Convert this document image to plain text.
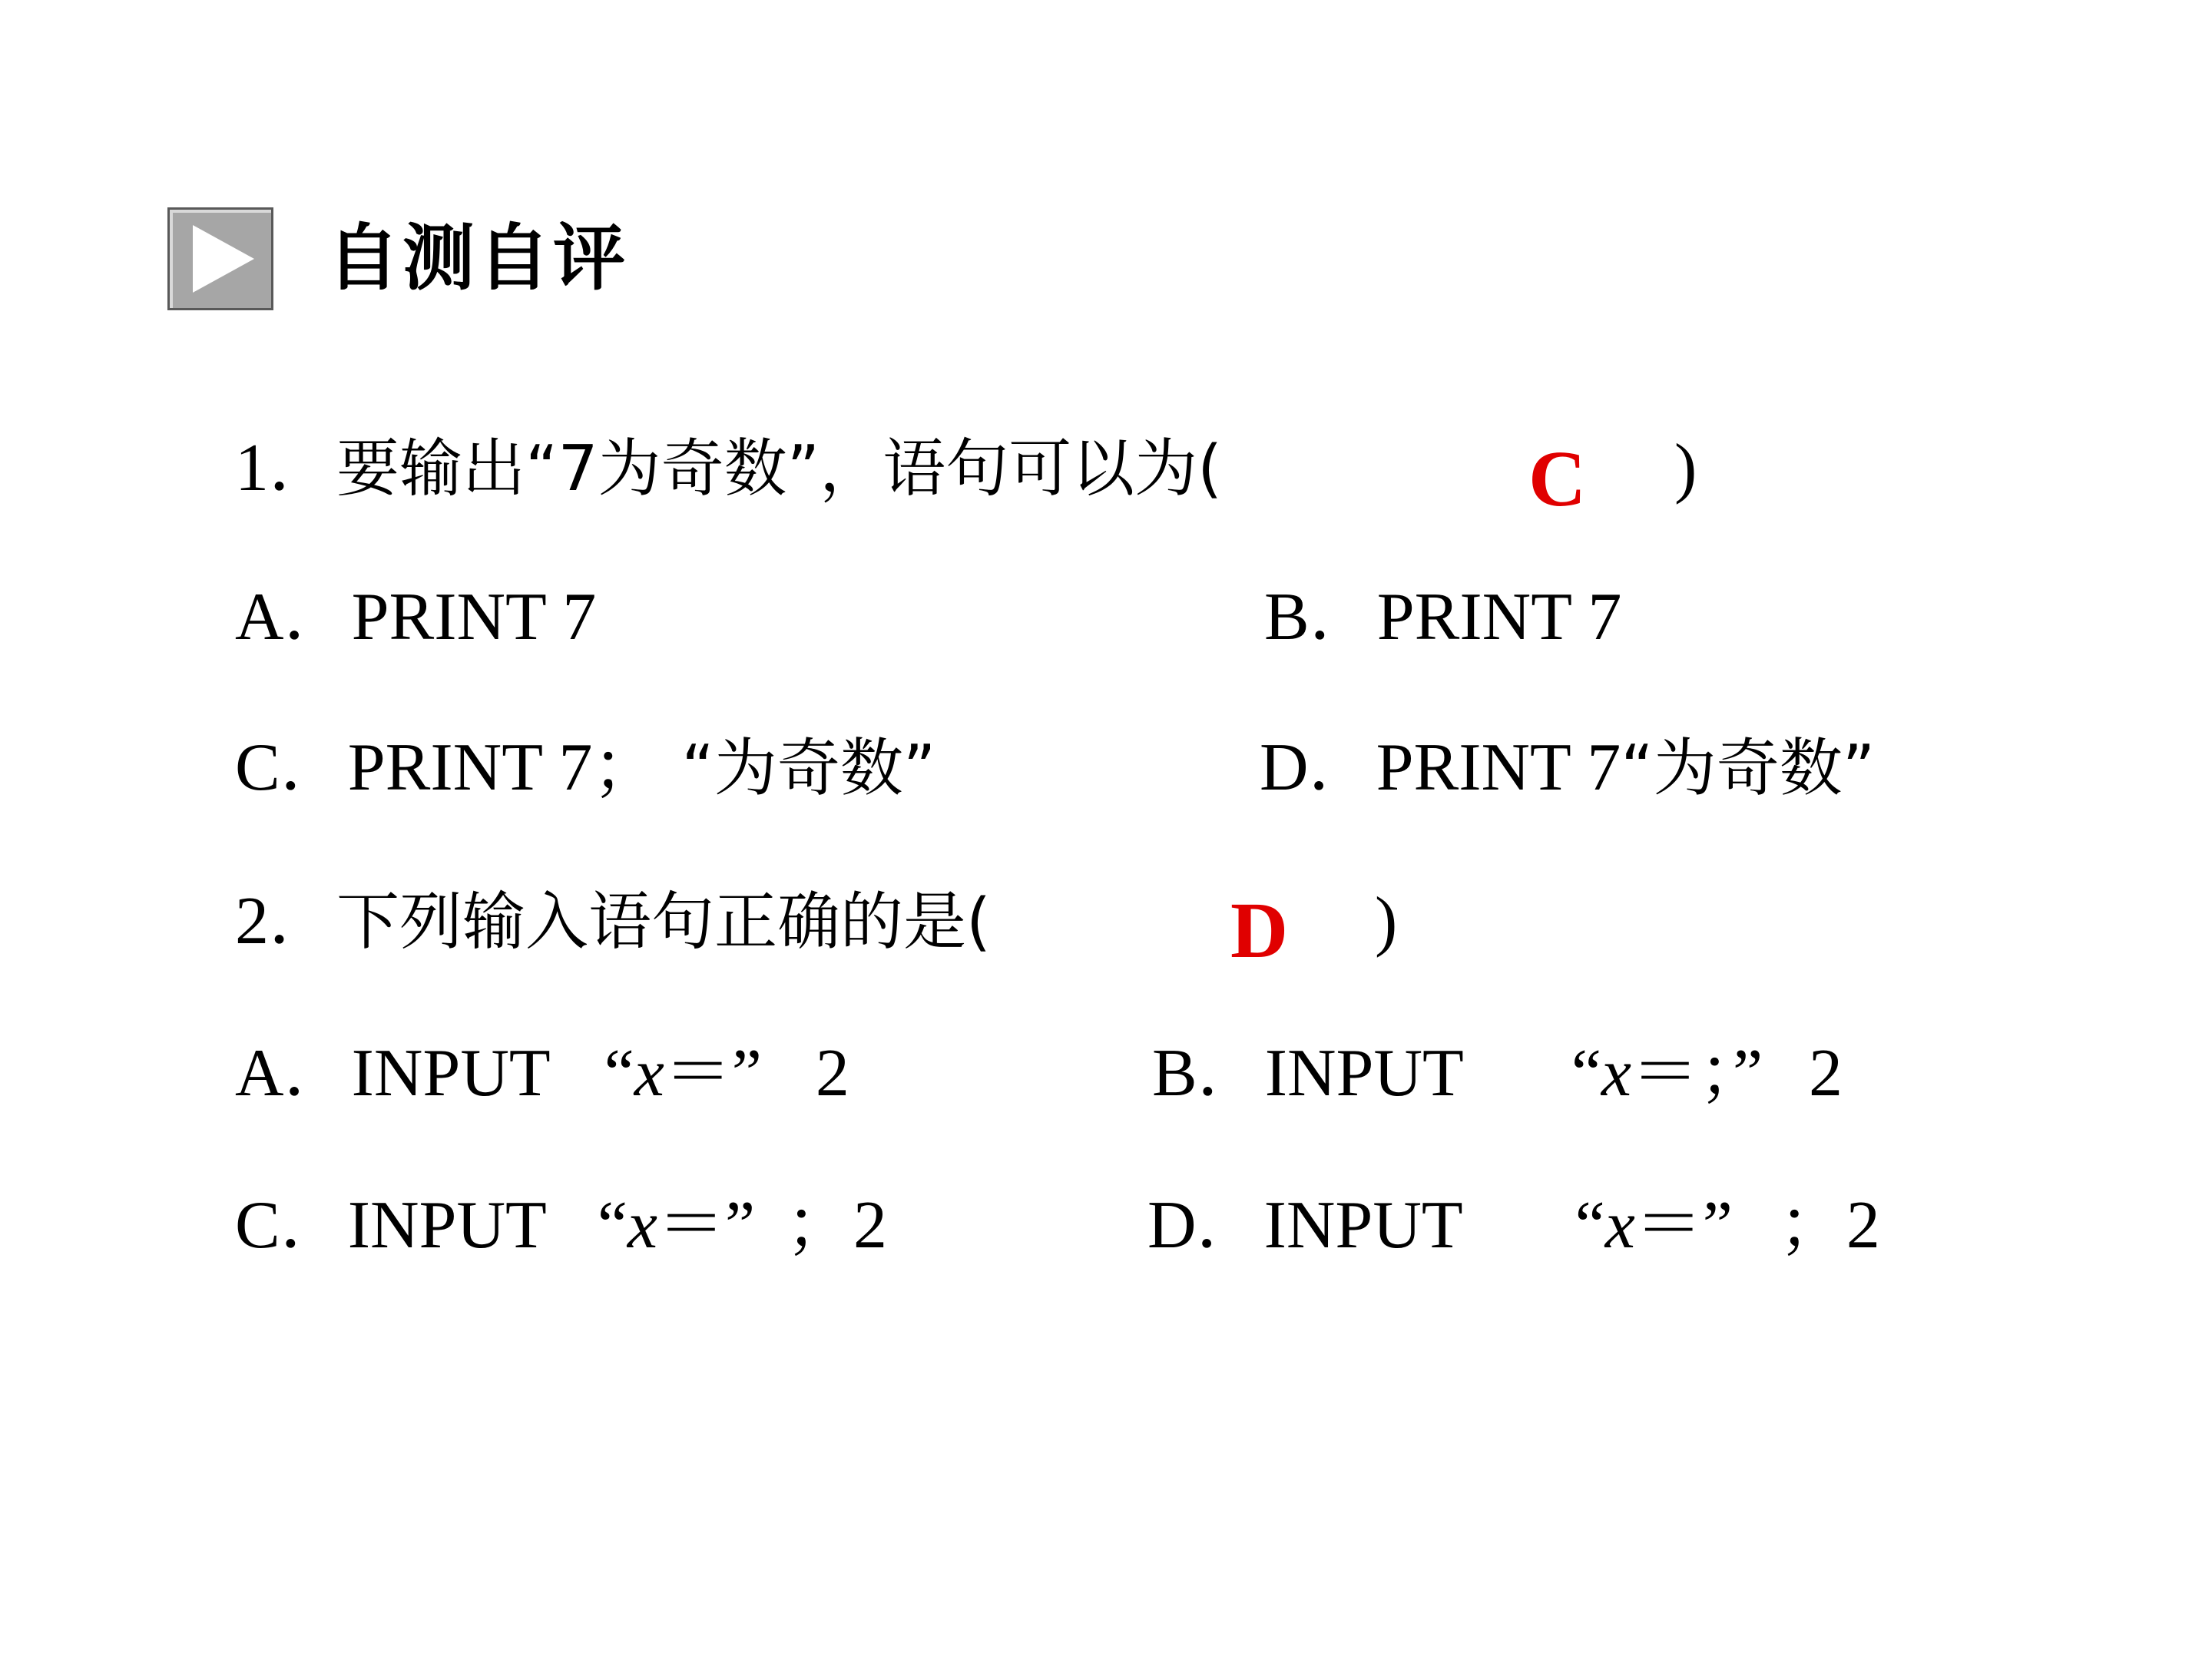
自测自评
1．要输出“7为奇数”，语句可以为(	C )
A．PRINT 7	B．PRINT 7
C．PRINT 7； “为奇数”	D．PRINT 7“为奇数”
2．下列输入语句正确的是(	D )
A．INPUT “x＝” 2	B．INPUT “x＝；” 2
C．INPUT “x＝” ；2	D．INPUT “x＝” ；2
